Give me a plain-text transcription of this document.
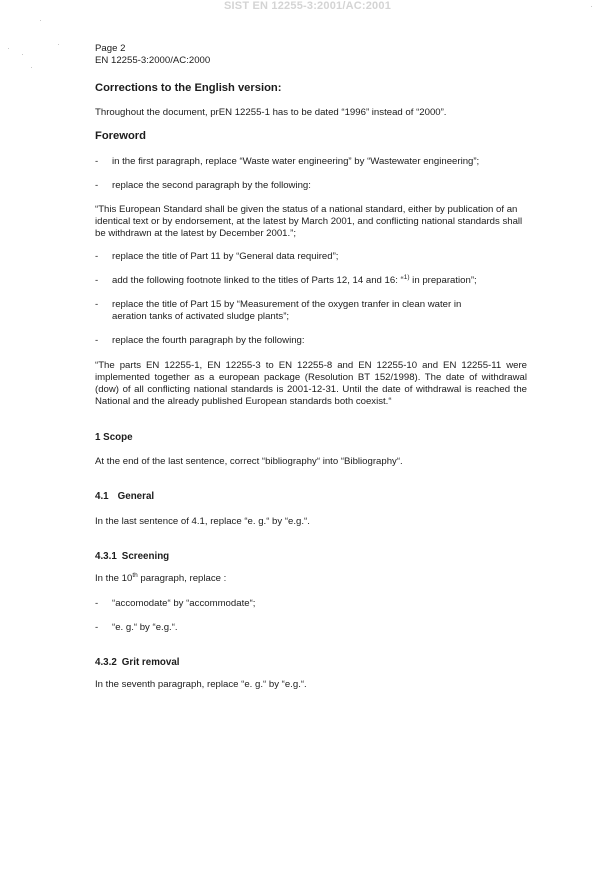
SIST EN 12255-3:2001/AC:2001
Page 2
EN 12255-3:2000/AC:2000
Corrections to the English version:
Throughout the document, prEN 12255-1 has to be dated “1996” instead of “2000”.
Foreword
- in the first paragraph, replace “Waste water engineering” by “Wastewater engineering”;
- replace the second paragraph by the following:
“This European Standard shall be given the status of a national standard, either by publication of an identical text or by endorsement, at the latest by March 2001, and conflicting national standards shall be withdrawn at the latest by December 2001.”;
- replace the title of Part 11 by “General data required”;
- add the following footnote linked to the titles of Parts 12, 14 and 16: “$^{1)}$ in preparation”;
- replace the title of Part 15 by “Measurement of the oxygen tranfer in clean water in aeration tanks of activated sludge plants”;
- replace the fourth paragraph by the following:
“The parts EN 12255-1, EN 12255-3 to EN 12255-8 and EN 12255-10 and EN 12255-11 were implemented together as a european package (Resolution BT 152/1998). The date of withdrawal (dow) of all conflicting national standards is 2001-12-31. Until the date of withdrawal is reached the National and the already published European standards both coexist.“
1 Scope
At the end of the last sentence, correct “bibliography“ into “Bibliography“.
4.1 General
In the last sentence of 4.1, replace “e. g.“ by “e.g.“.
4.3.1 Screening
In the 10th paragraph, replace :
- “accomodate“ by “accommodate“;
- “e. g.“ by “e.g.“.
4.3.2 Grit removal
In the seventh paragraph, replace “e. g.“ by “e.g.“.
